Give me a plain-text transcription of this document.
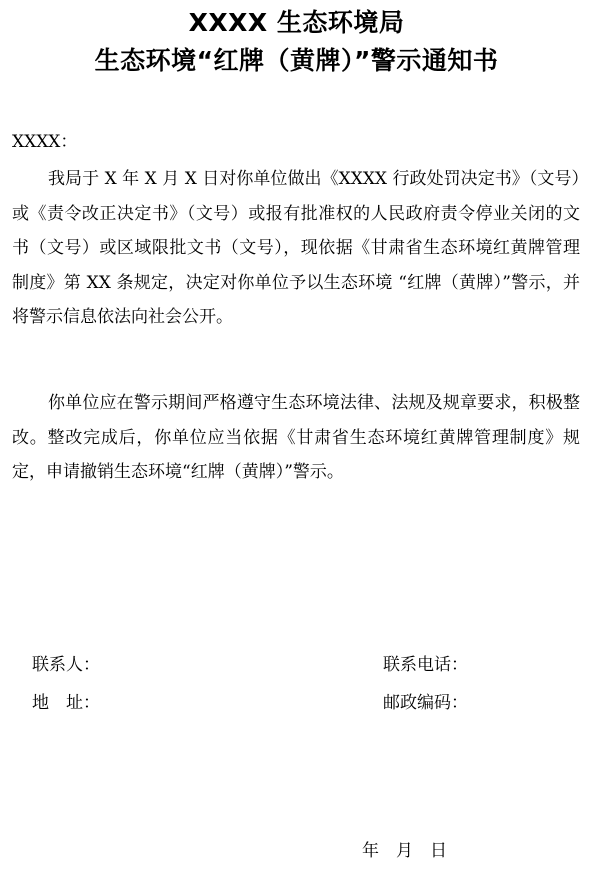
XXXX 生态环境局
生态环境“红牌（黄牌）”警示通知书
XXXX：

我局于 X 年 X 月 X 日对你单位做出《XXXX 行政处罚决定书》（文号）或《责令改正决定书》（文号）或报有批准权的人民政府责令停业关闭的文书（文号）或区域限批文书（文号），现依据《甘肃省生态环境红黄牌管理制度》第 XX 条规定，决定对你单位予以生态环境 “红牌（黄牌）”警示，并将警示信息依法向社会公开。

你单位应在警示期间严格遵守生态环境法律、法规及规章要求，积极整改。整改完成后，你单位应当依据《甘肃省生态环境红黄牌管理制度》规定，申请撤销生态环境“红牌（黄牌）”警示。

联系人：
地　址：
联系电话：
邮政编码：
年　月　日
